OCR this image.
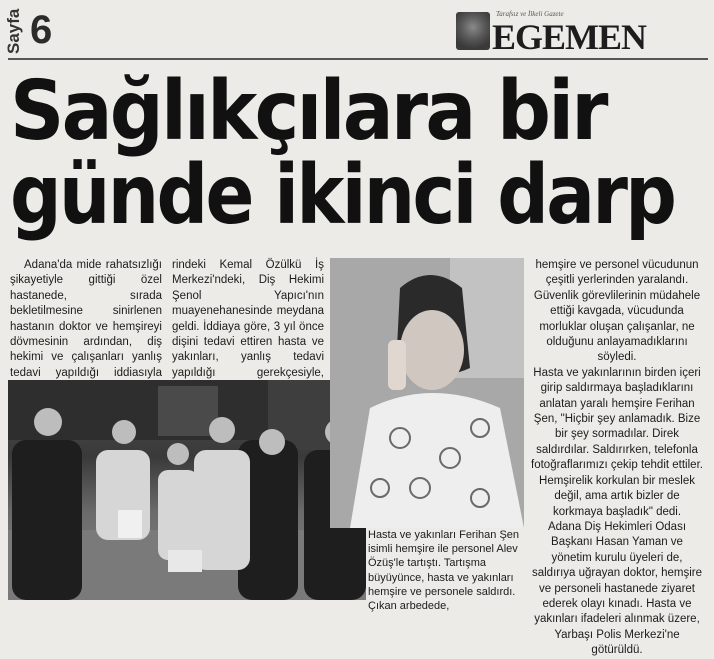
Sayfa 6	Tarafsız ve İlkeli Gazete
EGEMEN
Sağlıkçılara bir
günde ikinci darp

Adana'da mide rahatsızlığı şikayetiyle gittiği özel hastanede, sırada bekletilmesine sinirlenen hastanın doktor ve hemşireyi dövmesinin ardından, diş hekimi ve çalışanları yanlış tedavi yapıldığı iddiasıyla

rindeki Kemal Özülkü İş Merkezi'ndeki, Diş Hekimi Şenol Yapıcı'nın muayenehanesinde meydana geldi. İddiaya göre, 3 yıl önce dişini tedavi ettiren hasta ve yakınları, yanlış tedavi yapıldığı gerekçesiyle,

Hasta ve yakınları Ferihan Şen isimli hemşire ile personel Alev Özüş'le tartıştı. Tartışma büyüyünce, hasta ve yakınları hemşire ve personele saldırdı. Çıkan arbedede,

hemşire ve personel vücudunun çeşitli yerlerinden yaralandı. Güvenlik görevlilerinin müdahele ettiği kavgada, vücudunda morluklar oluşan çalışanlar, ne olduğunu anlayamadıklarını söyledi.

Hasta ve yakınlarının birden içeri girip saldırmaya başladıklarını anlatan yaralı hemşire Ferihan Şen, "Hiçbir şey anlamadık. Bize bir şey sormadılar. Direk saldırdılar. Saldırırken, telefonla fotoğraflarımızı çekip tehdit ettiler. Hemşirelik korkulan bir meslek değil, ama artık bizler de korkmaya başladık" dedi.

Adana Diş Hekimleri Odası Başkanı Hasan Yaman ve yönetim kurulu üyeleri de, saldırıya uğrayan doktor, hemşire ve personeli hastanede ziyaret ederek olayı kınadı. Hasta ve yakınları ifadeleri alınmak üzere, Yarbaşı Polis Merkezi'ne götürüldü.
